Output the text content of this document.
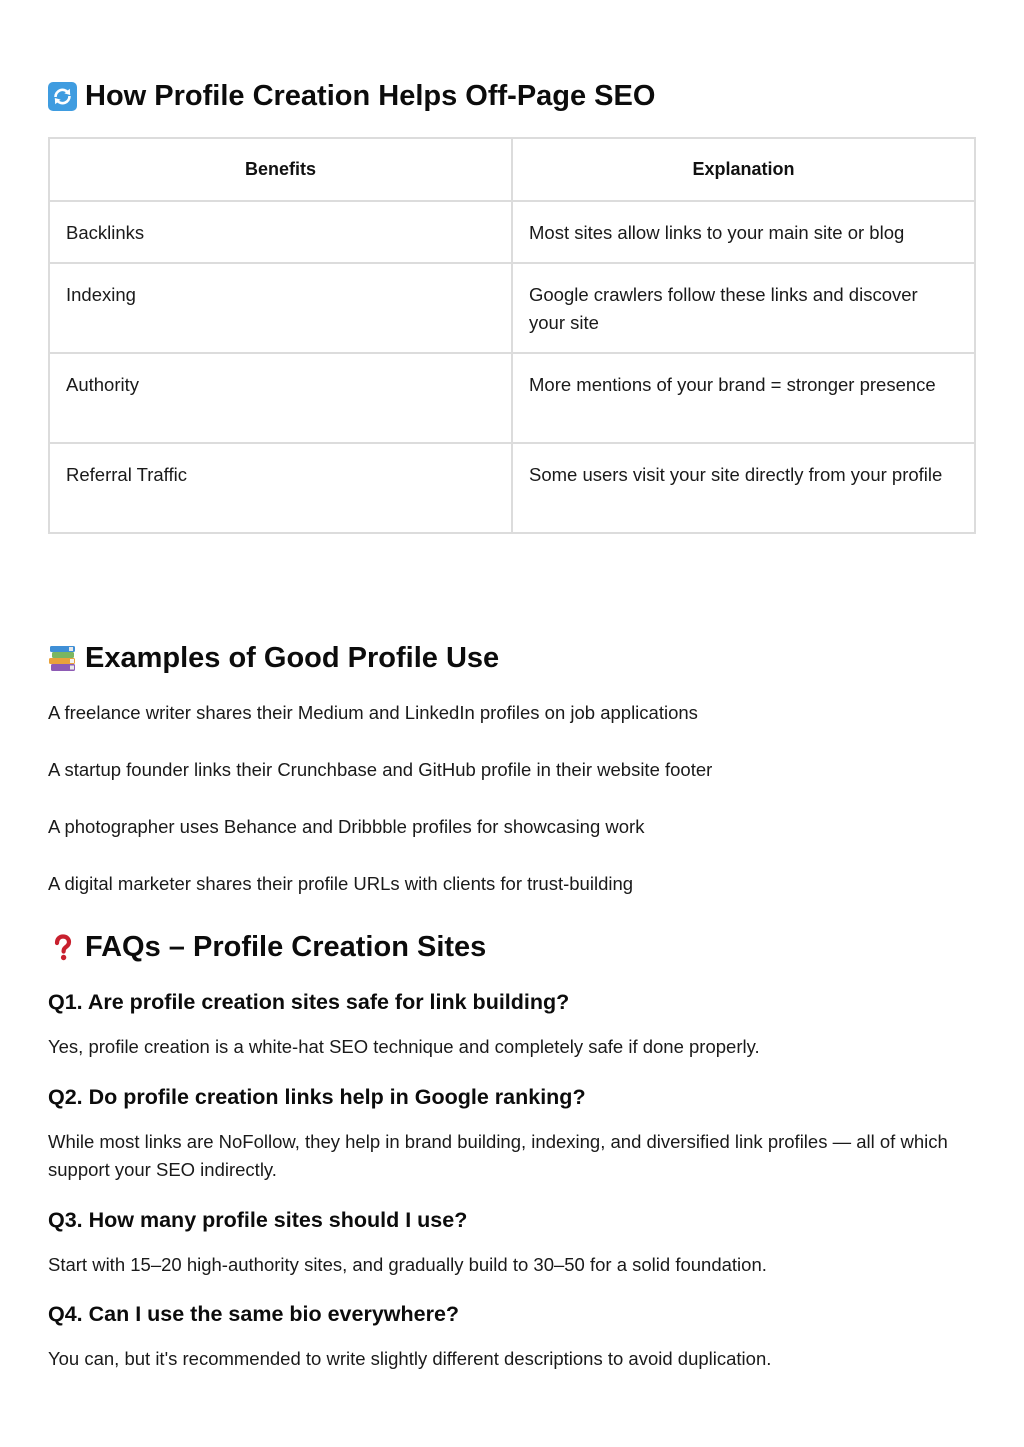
How Profile Creation Helps Off-Page SEO
Benefits	Explanation
Backlinks	Most sites allow links to your main site or blog
Indexing	Google crawlers follow these links and discover your site
Authority	More mentions of your brand = stronger presence
Referral Traffic	Some users visit your site directly from your profile
Examples of Good Profile Use
A freelance writer shares their Medium and LinkedIn profiles on job applications
A startup founder links their Crunchbase and GitHub profile in their website footer
A photographer uses Behance and Dribbble profiles for showcasing work
A digital marketer shares their profile URLs with clients for trust-building
FAQs – Profile Creation Sites
Q1. Are profile creation sites safe for link building?

Yes, profile creation is a white-hat SEO technique and completely safe if done properly.

Q2. Do profile creation links help in Google ranking?

While most links are NoFollow, they help in brand building, indexing, and diversified link profiles — all of which support your SEO indirectly.

Q3. How many profile sites should I use?

Start with 15–20 high-authority sites, and gradually build to 30–50 for a solid foundation.

Q4. Can I use the same bio everywhere?

You can, but it's recommended to write slightly different descriptions to avoid duplication.
